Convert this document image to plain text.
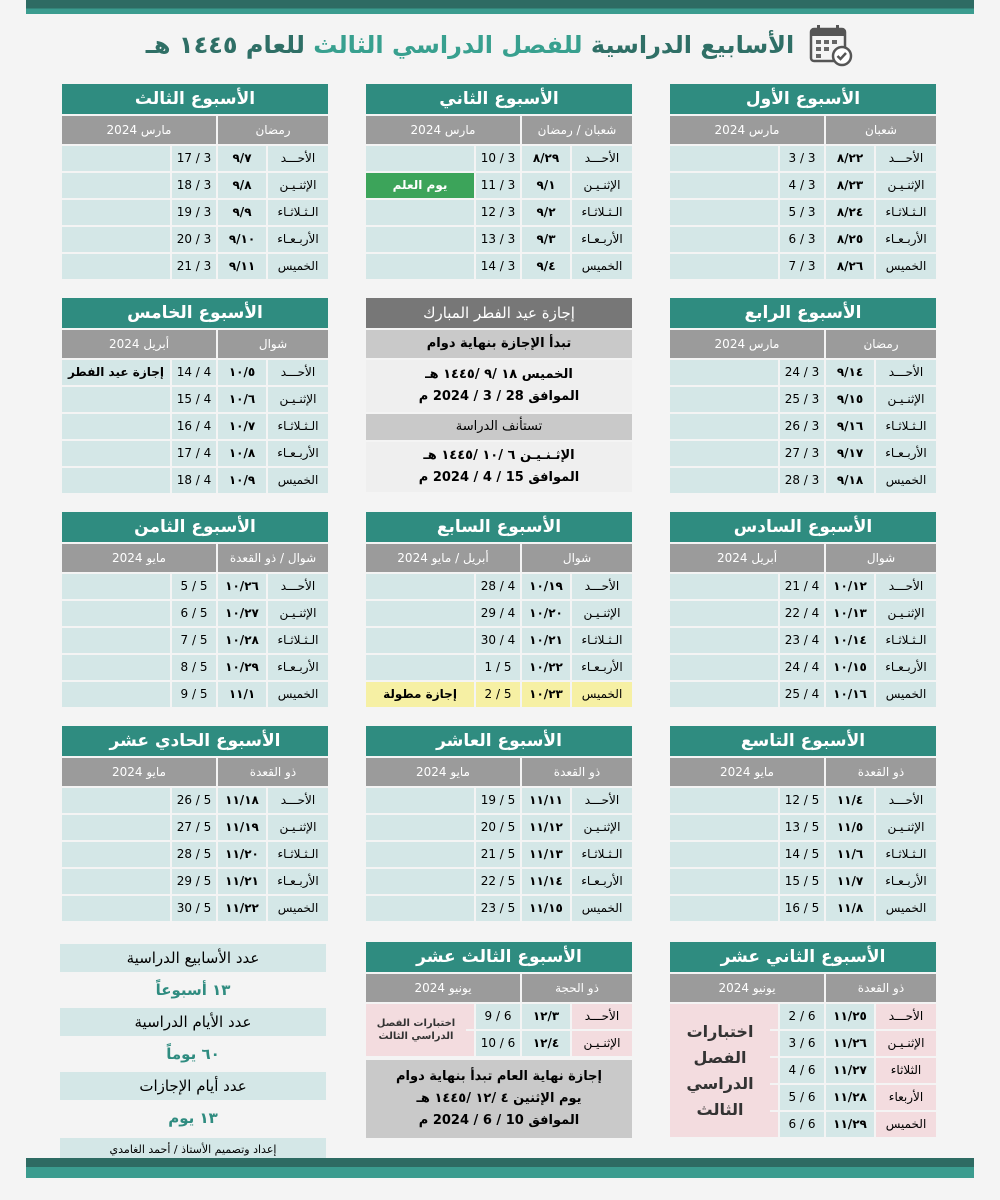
الأسابيع الدراسية للفصل الدراسي الثالث للعام ١٤٤٥ هـ
الأسبوع الأول
شعبان
مارس 2024
الأحـــد
٨/٢٢
3 / 3
الإثنـيـن
٨/٢٣
3 / 4
الـثـلاثـاء
٨/٢٤
3 / 5
الأربـعـاء
٨/٢٥
3 / 6
الخميس
٨/٢٦
3 / 7
الأسبوع الثاني
شعبان / رمضان
مارس 2024
الأحـــد
٨/٢٩
3 / 10
الإثنـيـن
٩/١
3 / 11
يوم العلم
الـثـلاثـاء
٩/٢
3 / 12
الأربـعـاء
٩/٣
3 / 13
الخميس
٩/٤
3 / 14
الأسبوع الثالث
رمضان
مارس 2024
الأحـــد
٩/٧
3 / 17
الإثنـيـن
٩/٨
3 / 18
الـثـلاثـاء
٩/٩
3 / 19
الأربـعـاء
٩/١٠
3 / 20
الخميس
٩/١١
3 / 21
الأسبوع الرابع
رمضان
مارس 2024
الأحـــد
٩/١٤
3 / 24
الإثنـيـن
٩/١٥
3 / 25
الـثـلاثـاء
٩/١٦
3 / 26
الأربـعـاء
٩/١٧
3 / 27
الخميس
٩/١٨
3 / 28
الأسبوع الخامس
شوال
أبريل 2024
الأحـــد
١٠/٥
4 / 14
إجازة عيد الفطر
الإثنـيـن
١٠/٦
4 / 15
الـثـلاثـاء
١٠/٧
4 / 16
الأربـعـاء
١٠/٨
4 / 17
الخميس
١٠/٩
4 / 18
الأسبوع السادس
شوال
أبريل 2024
الأحـــد
١٠/١٢
4 / 21
الإثنـيـن
١٠/١٣
4 / 22
الـثـلاثـاء
١٠/١٤
4 / 23
الأربـعـاء
١٠/١٥
4 / 24
الخميس
١٠/١٦
4 / 25
الأسبوع السابع
شوال
أبريل / مايو 2024
الأحـــد
١٠/١٩
4 / 28
الإثنـيـن
١٠/٢٠
4 / 29
الـثـلاثـاء
١٠/٢١
4 / 30
الأربـعـاء
١٠/٢٢
5 / 1
الخميس
١٠/٢٣
5 / 2
إجازة مطولة
الأسبوع الثامن
شوال / ذو القعدة
مايو 2024
الأحـــد
١٠/٢٦
5 / 5
الإثنـيـن
١٠/٢٧
5 / 6
الـثـلاثـاء
١٠/٢٨
5 / 7
الأربـعـاء
١٠/٢٩
5 / 8
الخميس
١١/١
5 / 9
الأسبوع التاسع
ذو القعدة
مايو 2024
الأحـــد
١١/٤
5 / 12
الإثنـيـن
١١/٥
5 / 13
الـثـلاثـاء
١١/٦
5 / 14
الأربـعـاء
١١/٧
5 / 15
الخميس
١١/٨
5 / 16
الأسبوع العاشر
ذو القعدة
مايو 2024
الأحـــد
١١/١١
5 / 19
الإثنـيـن
١١/١٢
5 / 20
الـثـلاثـاء
١١/١٣
5 / 21
الأربـعـاء
١١/١٤
5 / 22
الخميس
١١/١٥
5 / 23
الأسبوع الحادي عشر
ذو القعدة
مايو 2024
الأحـــد
١١/١٨
5 / 26
الإثنـيـن
١١/١٩
5 / 27
الـثـلاثـاء
١١/٢٠
5 / 28
الأربـعـاء
١١/٢١
5 / 29
الخميس
١١/٢٢
5 / 30
الأسبوع الثاني عشر
ذو القعدة
يونيو 2024
الأحـــد
١١/٢٥
6 / 2
الإثنـيـن
١١/٢٦
6 / 3
الثلاثاء
١١/٢٧
6 / 4
الأربعاء
١١/٢٨
6 / 5
الخميس
١١/٢٩
6 / 6
الأسبوع الثالث عشر
ذو الحجة
يونيو 2024
الأحـــد
١٢/٣
6 / 9
الإثنـيـن
١٢/٤
6 / 10
إجازة نهاية العام تبدأ بنهاية دوام
يوم الإثنين ٤ /١٢ /١٤٤٥ هـ
الموافق 10 / 6 / 2024 م
إجازة عيد الفطر المبارك
تبدأ الإجازة بنهاية دوام
الخميس ١٨ /٩ /١٤٤٥ هـ
الموافق 28 / 3 / 2024 م
تستأنف الدراسة
الإثـنـيـن ٦ /١٠ /١٤٤٥ هـ
الموافق 15 / 4 / 2024 م
عدد الأسابيع الدراسية
١٣ أسبوعاً
عدد الأيام الدراسية
٦٠ يوماً
عدد أيام الإجازات
١٣ يوم
إعداد وتصميم الأستاذ / أحمد الغامدي
اختبارات الفصل الدراسي الثالث
اختبارات الفصل الدراسي الثالث
